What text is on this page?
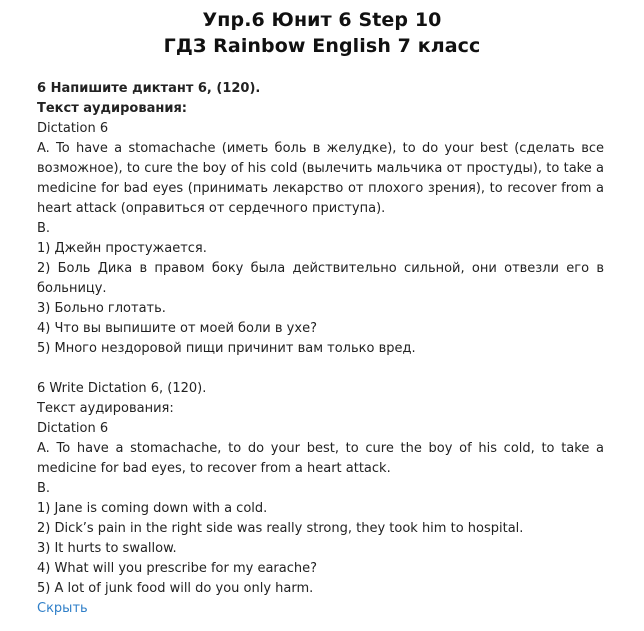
Упр.6 Юнит 6 Step 10
ГДЗ Rainbow English 7 класс

6 Напишите диктант 6, (120).

Текст аудирования:

Dictation 6

A. To have a stomachache (иметь боль в желудке), to do your best (сделать все возможное), to cure the boy of his cold (вылечить мальчика от простуды), to take a medicine for bad eyes (принимать лекарство от плохого зрения), to recover from a heart attack (оправиться от сердечного приступа).

B.

1) Джейн простужается.

2) Боль Дика в правом боку была действительно сильной, они отвезли его в больницу.

3) Больно глотать.

4) Что вы выпишите от моей боли в ухе?

5) Много нездоровой пищи причинит вам только вред.

6 Write Dictation 6, (120).

Текст аудирования:

Dictation 6

A. To have a stomachache, to do your best, to cure the boy of his cold, to take a medicine for bad eyes, to recover from a heart attack.

B.

1) Jane is coming down with a cold.

2) Dick’s pain in the right side was really strong, they took him to hospital.

3) It hurts to swallow.

4) What will you prescribe for my earache?

5) A lot of junk food will do you only harm.

Скрыть
